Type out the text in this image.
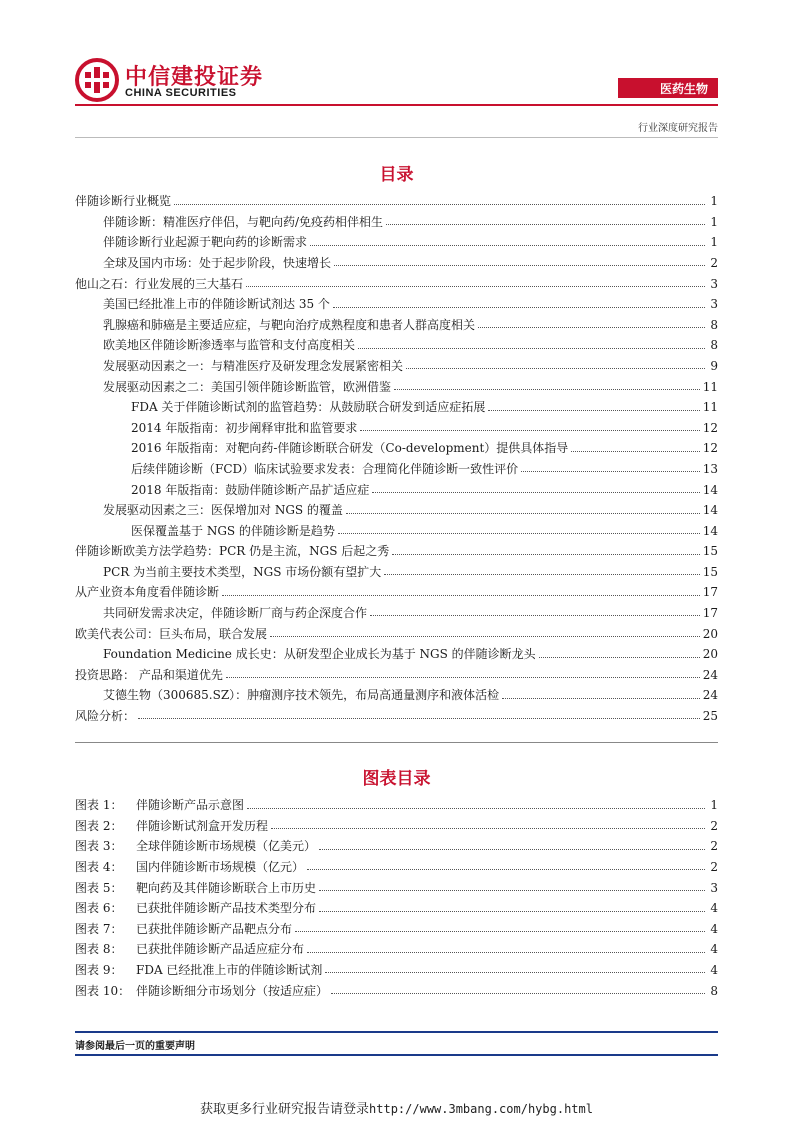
中信建投证券
CHINA SECURITIES	医药生物
行业深度研究报告
目录
伴随诊断行业概览	1
伴随诊断：精准医疗伴侣，与靶向药/免疫药相伴相生	1
伴随诊断行业起源于靶向药的诊断需求	1
全球及国内市场：处于起步阶段，快速增长	2
他山之石：行业发展的三大基石	3
美国已经批准上市的伴随诊断试剂达 35 个	3
乳腺癌和肺癌是主要适应症，与靶向治疗成熟程度和患者人群高度相关	8
欧美地区伴随诊断渗透率与监管和支付高度相关	8
发展驱动因素之一：与精准医疗及研发理念发展紧密相关	9
发展驱动因素之二：美国引领伴随诊断监管，欧洲借鉴	11
FDA 关于伴随诊断试剂的监管趋势：从鼓励联合研发到适应症拓展	11
2014 年版指南：初步阐释审批和监管要求	12
2016 年版指南：对靶向药-伴随诊断联合研发（Co-development）提供具体指导	12
后续伴随诊断（FCD）临床试验要求发表：合理简化伴随诊断一致性评价	13
2018 年版指南：鼓励伴随诊断产品扩适应症	14
发展驱动因素之三：医保增加对 NGS 的覆盖	14
医保覆盖基于 NGS 的伴随诊断是趋势	14
伴随诊断欧美方法学趋势：PCR 仍是主流，NGS 后起之秀	15
PCR 为当前主要技术类型，NGS 市场份额有望扩大	15
从产业资本角度看伴随诊断	17
共同研发需求决定，伴随诊断厂商与药企深度合作	17
欧美代表公司：巨头布局，联合发展	20
Foundation Medicine 成长史：从研发型企业成长为基于 NGS 的伴随诊断龙头	20
投资思路： 产品和渠道优先	24
艾德生物（300685.SZ）：肿瘤测序技术领先，布局高通量测序和液体活检	24
风险分析：	25
图表目录
图表 1：	伴随诊断产品示意图	1
图表 2：	伴随诊断试剂盒开发历程	2
图表 3：	全球伴随诊断市场规模（亿美元）	2
图表 4：	国内伴随诊断市场规模（亿元）	2
图表 5：	靶向药及其伴随诊断联合上市历史	3
图表 6：	已获批伴随诊断产品技术类型分布	4
图表 7：	已获批伴随诊断产品靶点分布	4
图表 8：	已获批伴随诊断产品适应症分布	4
图表 9：	FDA 已经批准上市的伴随诊断试剂	4
图表 10： 伴随诊断细分市场划分（按适应症）	8
请参阅最后一页的重要声明
获取更多行业研究报告请登录http://www.3mbang.com/hybg.html
